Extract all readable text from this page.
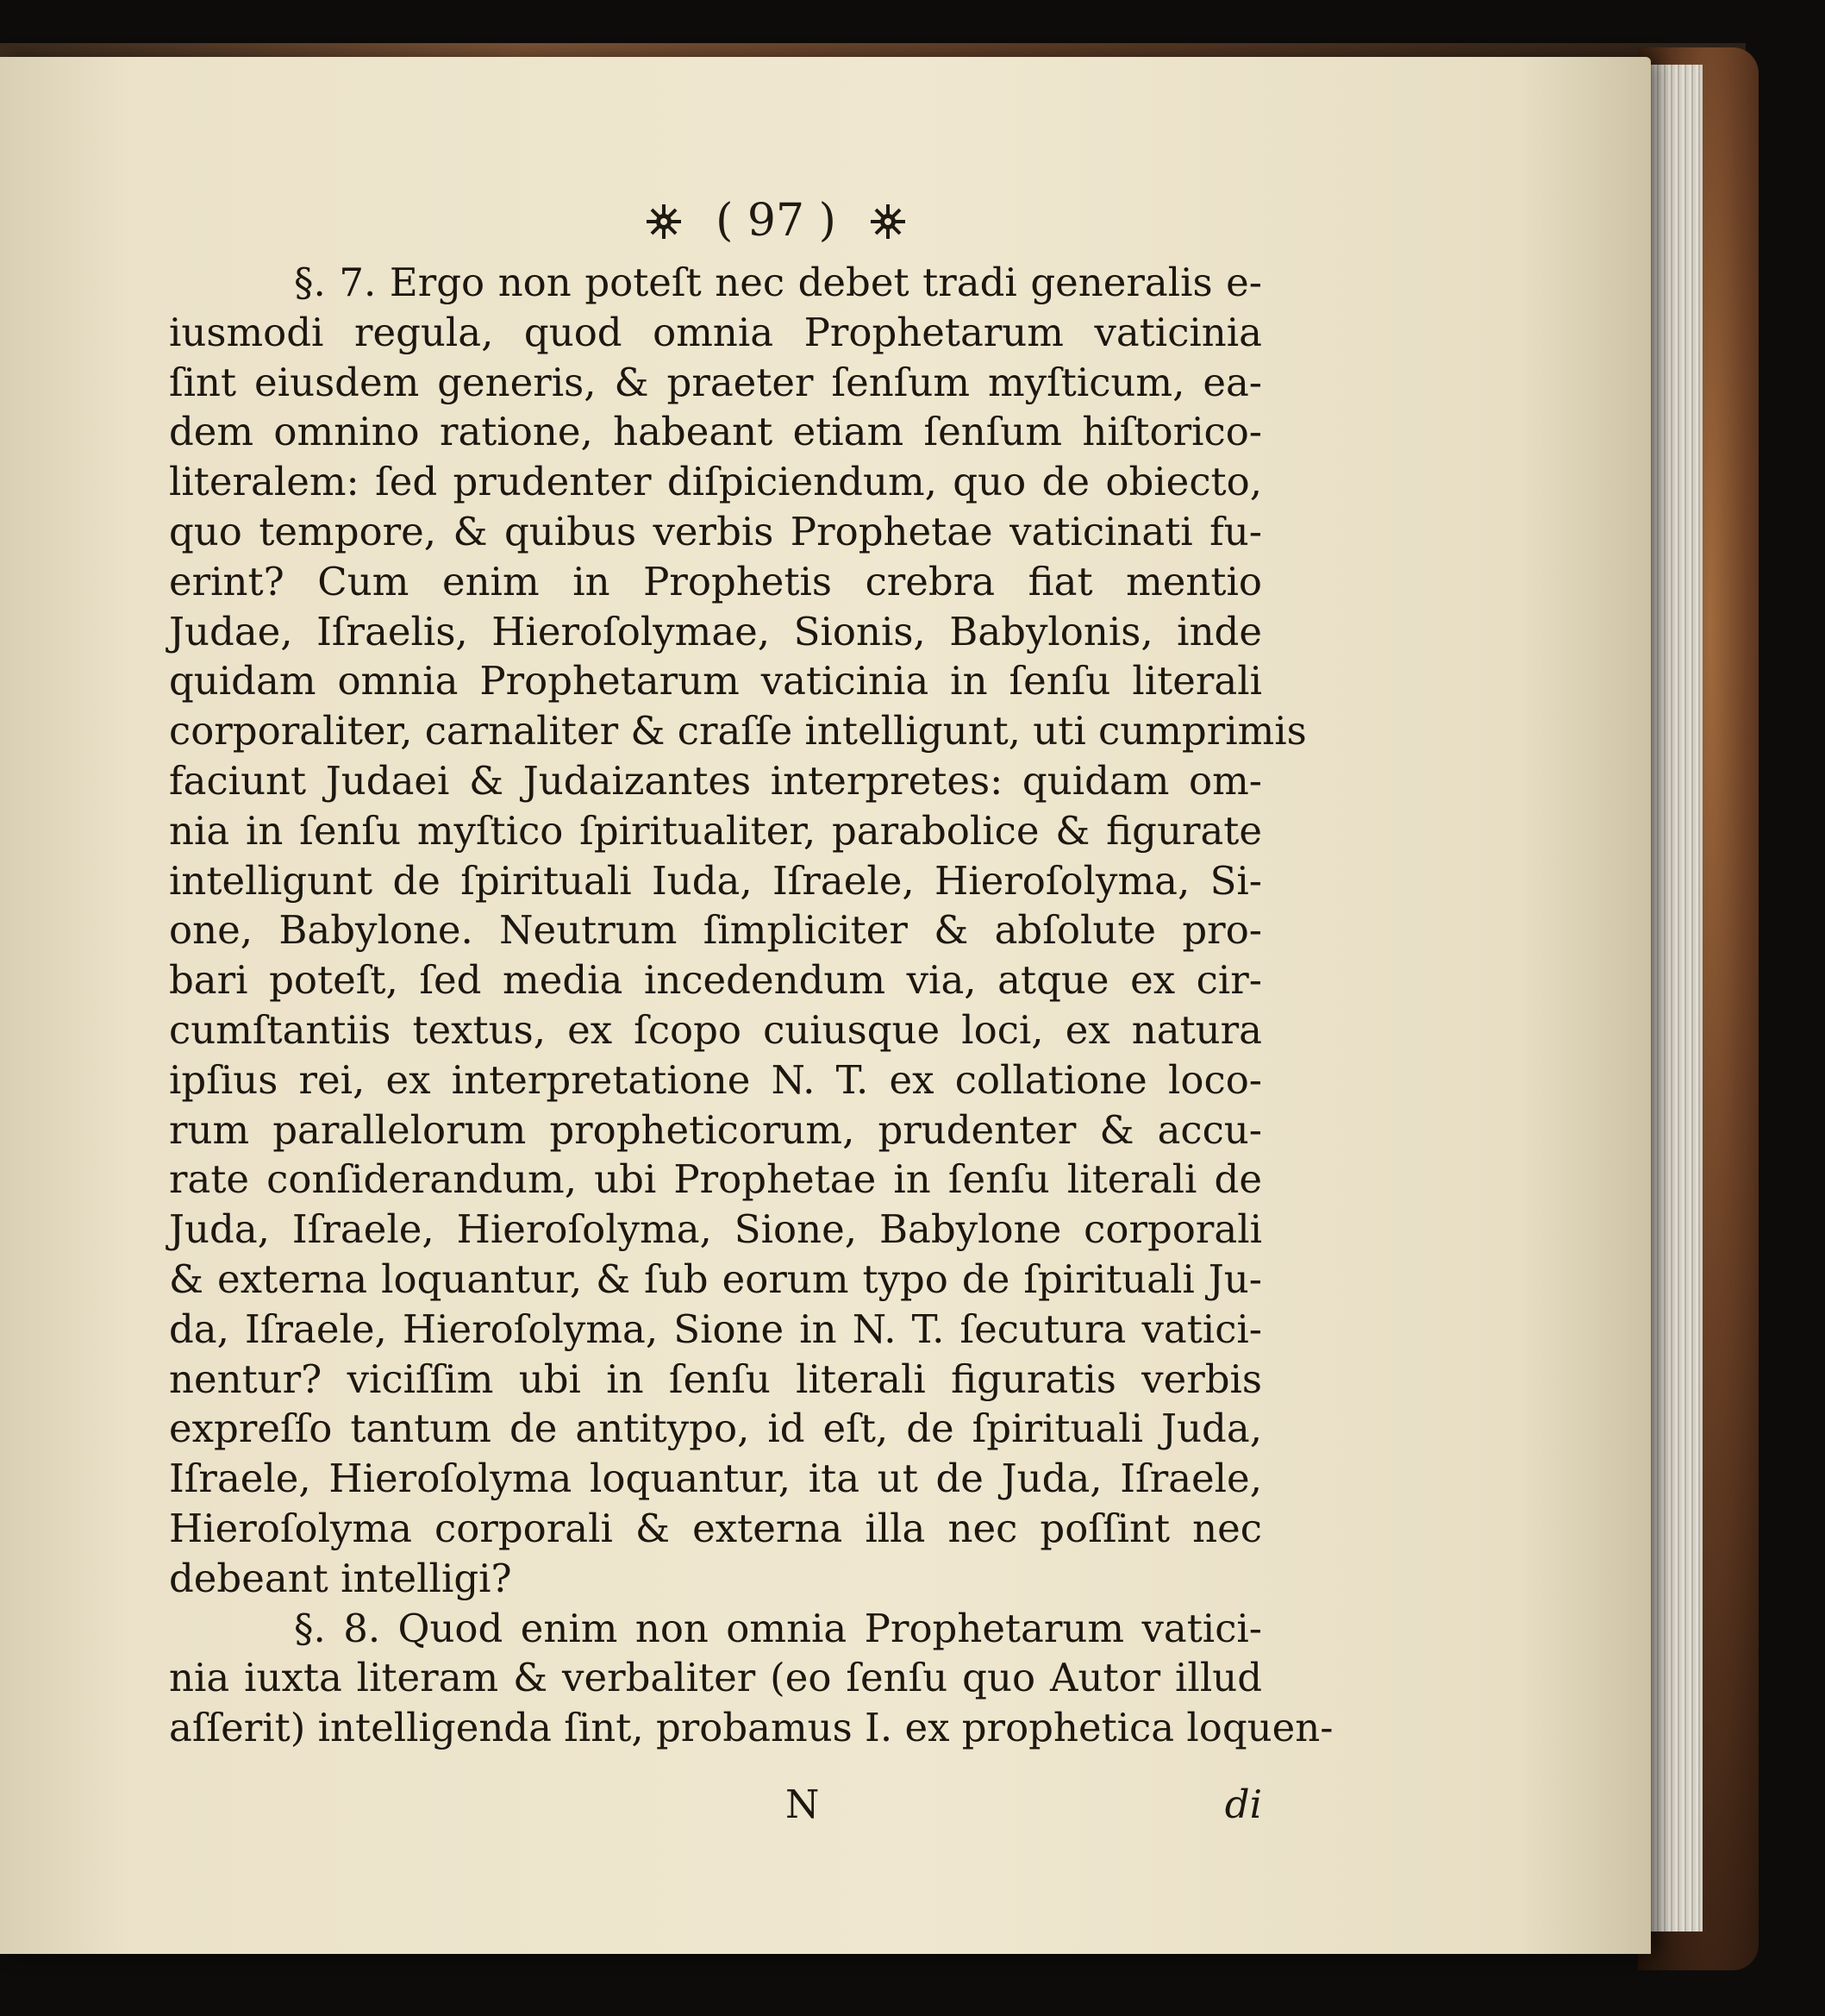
( 97 )
§. 7. Ergo non poteſt nec debet tradi generalis e-
iusmodi regula, quod omnia Prophetarum vaticinia
ſint eiusdem generis, & praeter ſenſum myſticum, ea-
dem omnino ratione, habeant etiam ſenſum hiſtorico-
literalem: ſed prudenter diſpiciendum, quo de obiecto,
quo tempore, & quibus verbis Prophetae vaticinati fu-
erint? Cum enim in Prophetis crebra fiat mentio
Judae, Iſraelis, Hieroſolymae, Sionis, Babylonis, inde
quidam omnia Prophetarum vaticinia in ſenſu literali
corporaliter, carnaliter & craſſe intelligunt, uti cumprimis
faciunt Judaei & Judaizantes interpretes: quidam om-
nia in ſenſu myſtico ſpiritualiter, parabolice & figurate
intelligunt de ſpirituali Iuda, Iſraele, Hieroſolyma, Si-
one, Babylone. Neutrum ſimpliciter & abſolute pro-
bari poteſt, ſed media incedendum via, atque ex cir-
cumſtantiis textus, ex ſcopo cuiusque loci, ex natura
ipſius rei, ex interpretatione N. T. ex collatione loco-
rum parallelorum propheticorum, prudenter & accu-
rate conſiderandum, ubi Prophetae in ſenſu literali de
Juda, Iſraele, Hieroſolyma, Sione, Babylone corporali
& externa loquantur, & ſub eorum typo de ſpirituali Ju-
da, Iſraele, Hieroſolyma, Sione in N. T. ſecutura vatici-
nentur? viciſſim ubi in ſenſu literali figuratis verbis
expreſſo tantum de antitypo, id eſt, de ſpirituali Juda,
Iſraele, Hieroſolyma loquantur, ita ut de Juda, Iſraele,
Hieroſolyma corporali & externa illa nec poſſint nec
debeant intelligi?
§. 8. Quod enim non omnia Prophetarum vatici-
nia iuxta literam & verbaliter (eo ſenſu quo Autor illud
aſſerit) intelligenda ſint, probamus I. ex prophetica loquen-
N	di
